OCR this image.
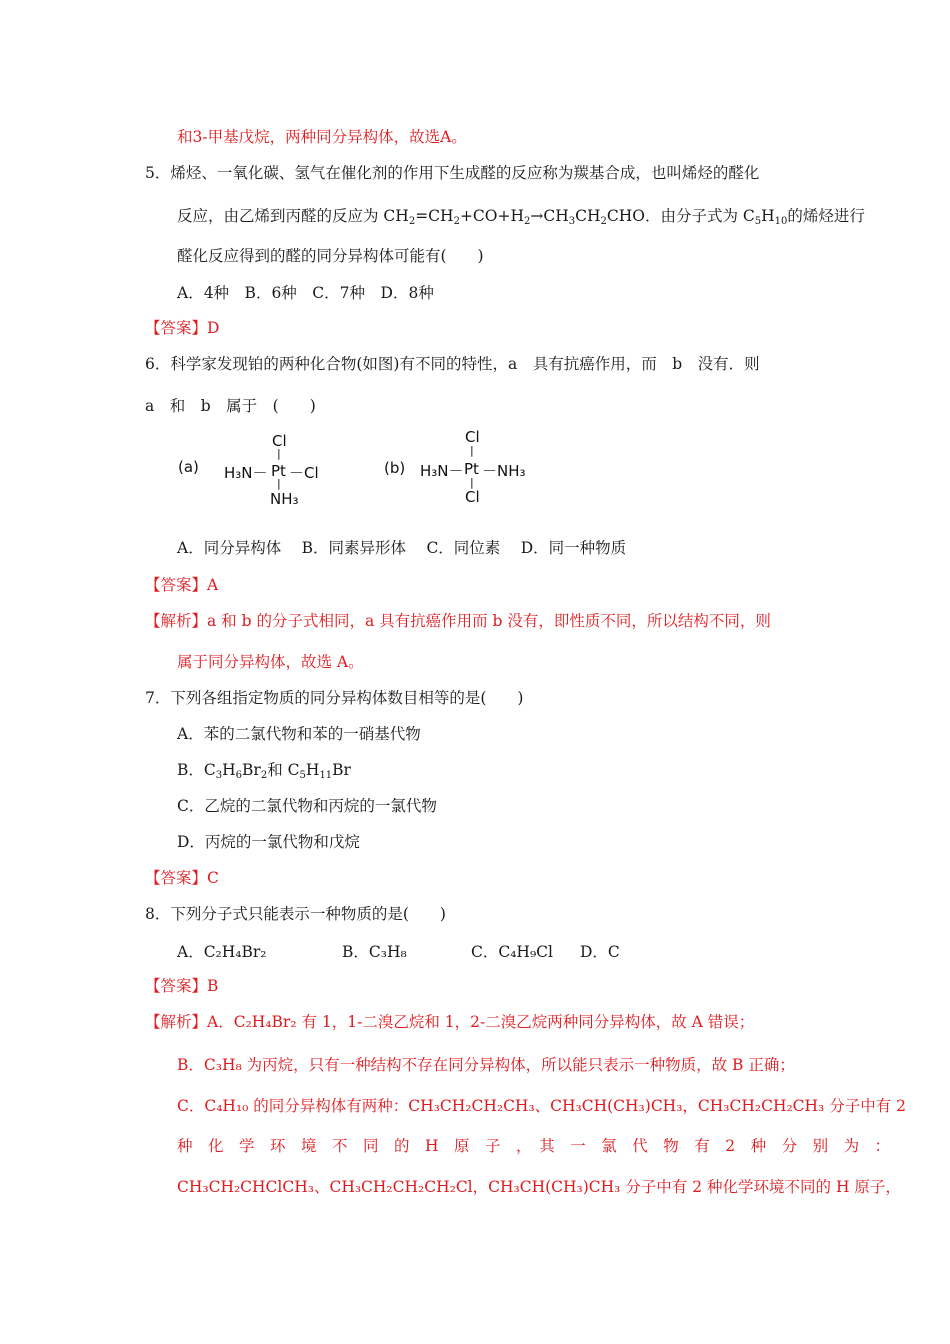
和3-甲基戊烷，两种同分异构体，故选A。
5．烯烃、一氧化碳、氢气在催化剂的作用下生成醛的反应称为羰基合成，也叫烯烃的醛化
反应，由乙烯到丙醛的反应为 $CH_2=CH_2+CO+H_2\to CH_3CH_2CHO$．由分子式为 $C_5H_{10}$的烯烃进行
醛化反应得到的醛的同分异构体可能有(　　)
A．4种　B．6种　C．7种　D．8种
【答案】D
6．科学家发现铂的两种化合物(如图)有不同的特性，a　具有抗癌作用，而　b　没有．则
a　和　b　属于　(　　)
(a)
Cl
|
H₃N－ Pt －Cl
|
NH₃
(b)
Cl
|
H₃N－ Pt －NH₃
|
Cl
A．同分异构体　 B．同素异形体　 C．同位素　 D．同一种物质
【答案】A
【解析】a 和 b 的分子式相同，a 具有抗癌作用而 b 没有，即性质不同，所以结构不同，则
属于同分异构体，故选 A。
7．下列各组指定物质的同分异构体数目相等的是(　　)
A．苯的二氯代物和苯的一硝基代物
B．$C_3H_6Br_2$和 $C_5H_{11}Br$
C．乙烷的二氯代物和丙烷的一氯代物
D．丙烷的一氯代物和戊烷
【答案】C
8．下列分子式只能表示一种物质的是(　　)
A．C₂H₄Br₂	B．C₃H₈	C．C₄H₉Cl D．C
【答案】B
【解析】A．C₂H₄Br₂ 有 1，1-二溴乙烷和 1，2-二溴乙烷两种同分异构体，故 A 错误；
B．C₃H₈ 为丙烷，只有一种结构不存在同分异构体，所以能只表示一种物质，故 B 正确；
C．C₄H₁₀ 的同分异构体有两种：CH₃CH₂CH₂CH₃、CH₃CH(CH₃)CH₃，CH₃CH₂CH₂CH₃ 分子中有 2
种　化　学　环　境　不　同　的　H　原　子　，　其　一　氯　代　物　有　2　种　分　别　为　：
CH₃CH₂CHClCH₃、CH₃CH₂CH₂CH₂Cl，CH₃CH(CH₃)CH₃ 分子中有 2 种化学环境不同的 H 原子，
